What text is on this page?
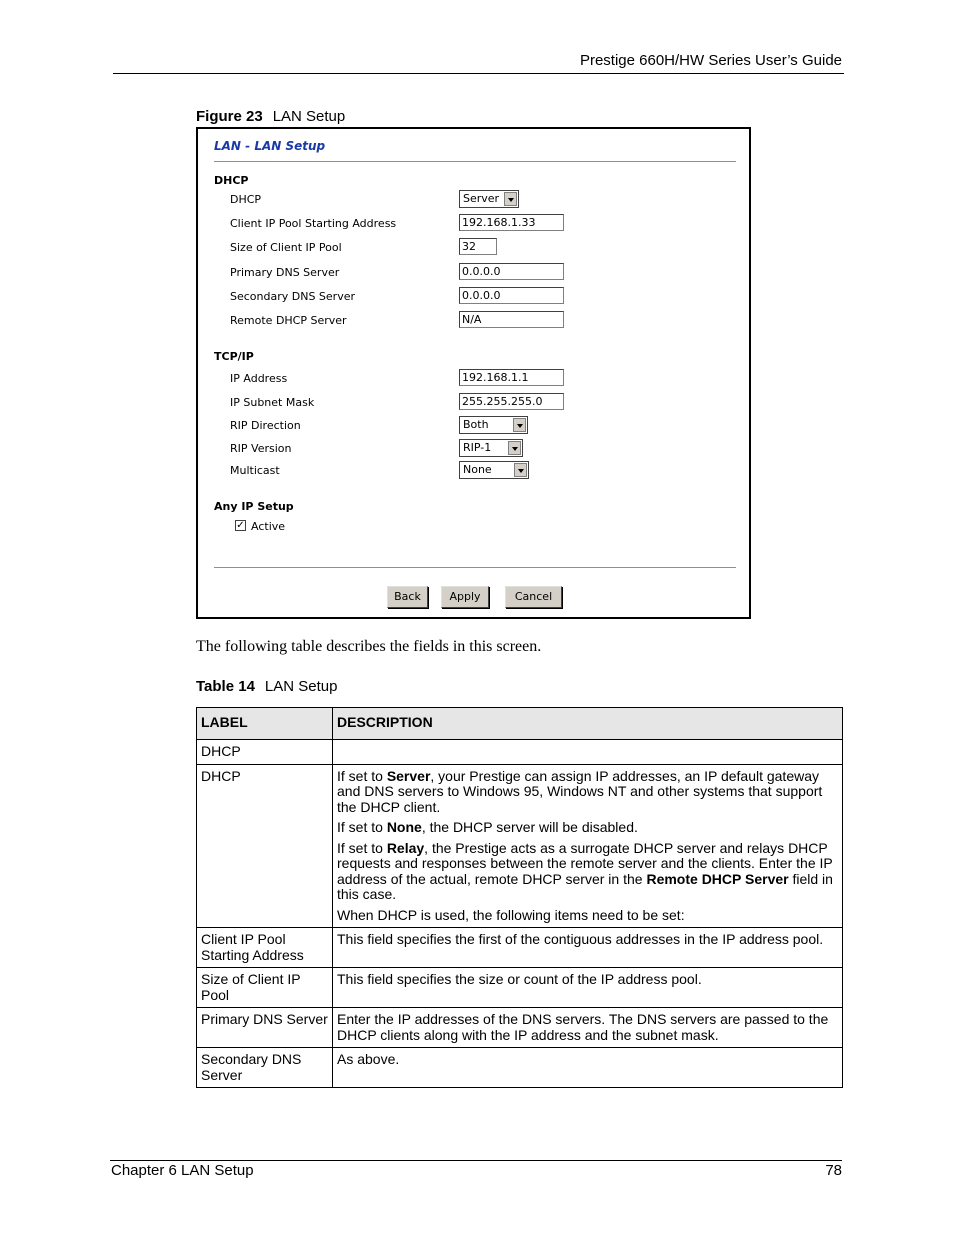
Prestige 660H/HW Series User’s Guide
Figure 23 LAN Setup
LAN - LAN Setup
DHCP
DHCP	Server
Client IP Pool Starting Address	192.168.1.33
Size of Client IP Pool	32
Primary DNS Server	0.0.0.0
Secondary DNS Server	0.0.0.0
Remote DHCP Server	N/A
TCP/IP
IP Address	192.168.1.1
IP Subnet Mask	255.255.255.0
RIP Direction	Both
RIP Version	RIP-1
Multicast	None
Any IP Setup
✓ Active
Back	Apply	Cancel
The following table describes the fields in this screen.
Table 14 LAN Setup
LABEL	DESCRIPTION
DHCP	
DHCP	If set to Server, your Prestige can assign IP addresses, an IP default gateway and DNS servers to Windows 95, Windows NT and other systems that support the DHCP client.

If set to None, the DHCP server will be disabled.

If set to Relay, the Prestige acts as a surrogate DHCP server and relays DHCP requests and responses between the remote server and the clients. Enter the IP address of the actual, remote DHCP server in the Remote DHCP Server field in this case.

When DHCP is used, the following items need to be set:

Client IP Pool Starting Address	This field specifies the first of the contiguous addresses in the IP address pool.
Size of Client IP Pool	This field specifies the size or count of the IP address pool.
Primary DNS Server	Enter the IP addresses of the DNS servers. The DNS servers are passed to the DHCP clients along with the IP address and the subnet mask.
Secondary DNS Server	As above.
Chapter 6 LAN Setup	78
